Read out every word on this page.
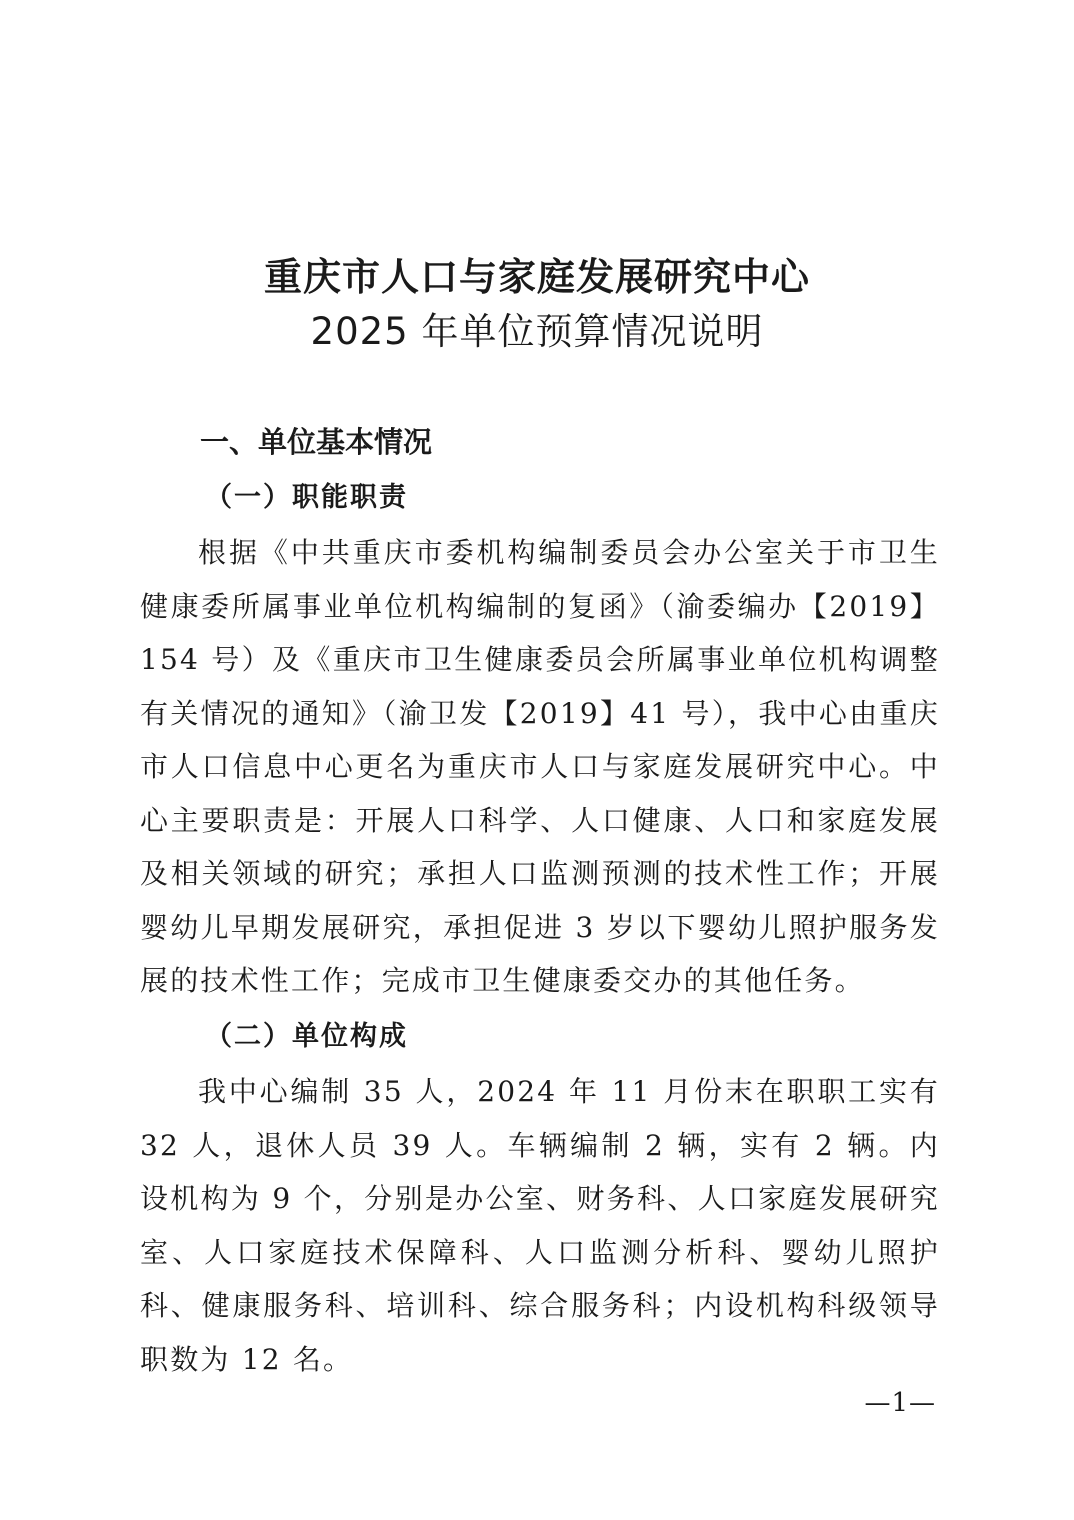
重庆市人口与家庭发展研究中心
2025 年单位预算情况说明
一、单位基本情况
（一）职能职责
根据《中共重庆市委机构编制委员会办公室关于市卫生健康委所属事业单位机构编制的复函》（渝委编办【2019】154 号）及《重庆市卫生健康委员会所属事业单位机构调整有关情况的通知》（渝卫发【2019】41 号），我中心由重庆市人口信息中心更名为重庆市人口与家庭发展研究中心。中心主要职责是：开展人口科学、人口健康、人口和家庭发展及相关领域的研究；承担人口监测预测的技术性工作；开展婴幼儿早期发展研究，承担促进 3 岁以下婴幼儿照护服务发展的技术性工作；完成市卫生健康委交办的其他任务。
（二）单位构成
我中心编制 35 人，2024 年 11 月份末在职职工实有 32 人，退休人员 39 人。车辆编制 2 辆，实有 2 辆。内设机构为 9 个，分别是办公室、财务科、人口家庭发展研究室、人口家庭技术保障科、人口监测分析科、婴幼儿照护科、健康服务科、培训科、综合服务科；内设机构科级领导职数为 12 名。
—1—
